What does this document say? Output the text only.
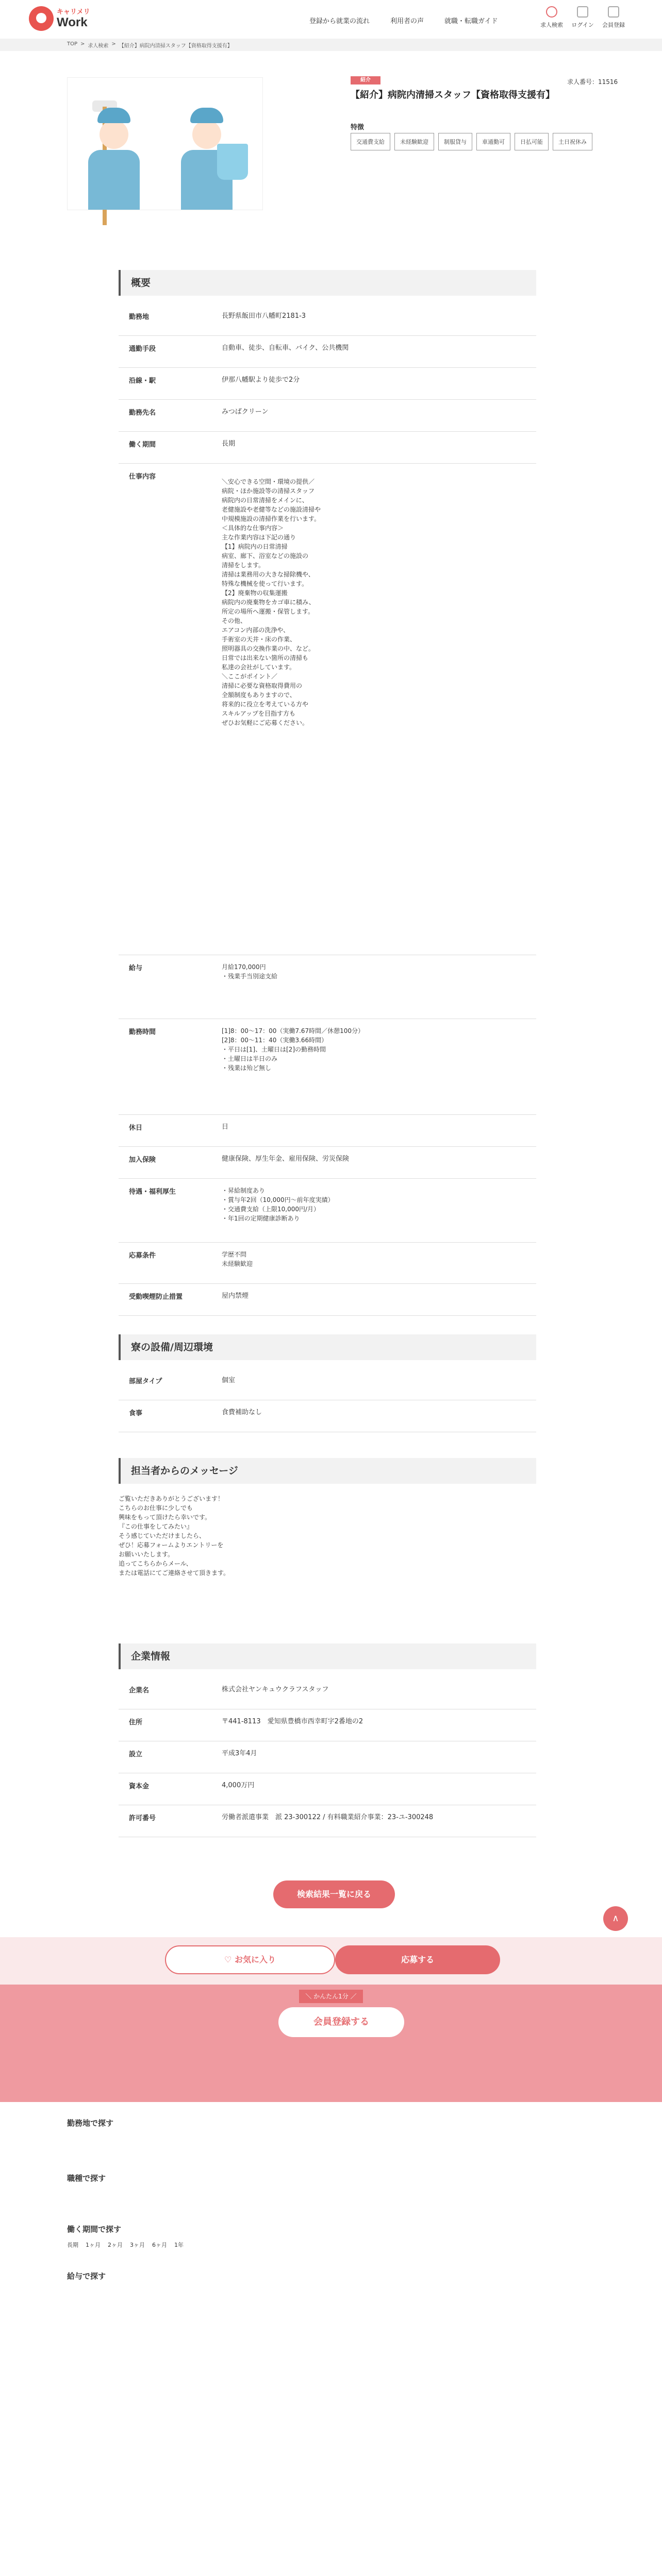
キャリメリ
Work	登録から就業の流れ	利用者の声	就職・転職ガイド	求人検索	ログイン	会員登録
TOP > 求人検索 > 【紹介】病院内清掃スタッフ【資格取得支援有】
紹介	求人番号：11516
【紹介】病院内清掃スタッフ【資格取得支援有】
特徴
交通費支給	未経験歓迎	制服貸与	車通勤可	日払可能	土日祝休み
概要
勤務地	長野県飯田市八幡町2181-3
通勤手段	自動車、徒歩、自転車、バイク、公共機関
沿線・駅	伊那八幡駅より徒歩で2分
勤務先名	みつばクリーン
働く期間	長期
仕事内容
＼安心できる空間・環境の提供／
病院・ほか施設等の清掃スタッフ
病院内の日常清掃をメインに、
老健施設や老健等などの施設清掃や
中規模施設の清掃作業を行います。
＜具体的な仕事内容＞
主な作業内容は下記の通り
【1】病院内の日常清掃
病室、廊下、浴室などの施設の
清掃をします。
清掃は業務用の大きな掃除機や、
特殊な機械を使って行います。
【2】廃棄物の収集運搬
病院内の廃棄物をカゴ車に積み、
所定の場所へ運搬・保管します。
その他、
エアコン内部の洗浄や、
手術室の天井・床の作業、
照明器具の交換作業の中、など。
日常では出来ない箇所の清掃も
私達の会社がしています。
＼ここがポイント／
清掃に必要な資格取得費用の
全額制度もありますので、
将来的に役立を考えている方や
スキルアップを目指す方も
ぜひお気軽にご応募ください。
給与	月給170,000円
・残業手当別途支給
勤務時間	[1]8：00〜17：00（実働7.67時間／休憩100分）
[2]8：00〜11：40（実働3.66時間）
・平日は[1]、土曜日は[2]の勤務時間
・土曜日は半日のみ
・残業は殆ど無し
休日	日
加入保険	健康保険、厚生年金、雇用保険、労災保険
待遇・福利厚生	・昇給制度あり
・賞与年2回（10,000円〜前年度実績）
・交通費支給（上限10,000円/月）
・年1回の定期健康診断あり
応募条件	学歴不問
未経験歓迎
受動喫煙防止措置	屋内禁煙
寮の設備/周辺環境
部屋タイプ	個室
食事	食費補助なし
担当者からのメッセージ
ご覧いただきありがとうございます！
こちらのお仕事に少しでも
興味をもって頂けたら幸いです。
『この仕事をしてみたい』
そう感じていただけましたら、
ぜひ！応募フォームよりエントリーを
お願いいたします。
追ってこちらからメール、
または電話にてご連絡させて頂きます。
企業情報
企業名	株式会社ヤンキュウクラフスタッフ
住所	〒441-8113　愛知県豊橋市西幸町字2番地の2
設立	平成3年4月
資本金	4,000万円
許可番号	労働者派遣事業　派 23-300122 / 有料職業紹介事業：23-ユ-300248
検索結果一覧に戻る
∧
♡ お気に入り	応募する
＼ かんたん1分 ／
会員登録する
勤務地で探す
職種で探す
働く期間で探す
長期 1ヶ月 2ヶ月 3ヶ月 6ヶ月 1年
給与で探す
